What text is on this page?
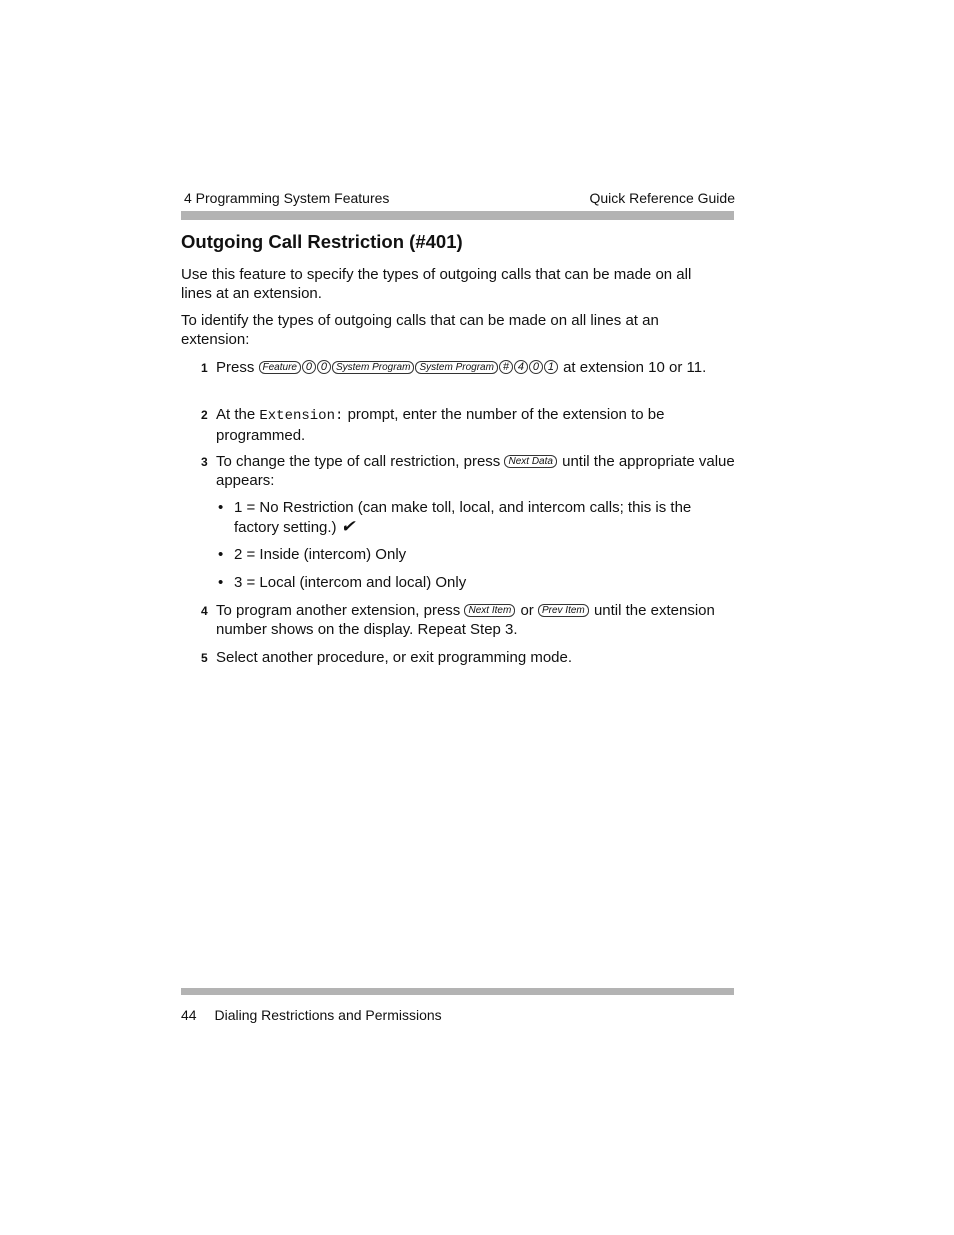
4 Programming System Features	Quick Reference Guide
Outgoing Call Restriction (#401)

Use this feature to specify the types of outgoing calls that can be made on all lines at an extension.

To identify the types of outgoing calls that can be made on all lines at an extension:

1 Press Feature 0 0 System Program System Program # 4 0 1 at extension 10 or 11.
2 At the Extension: prompt, enter the number of the extension to be programmed.
3 To change the type of call restriction, press Next Data until the appropriate value appears:
• 1 = No Restriction (can make toll, local, and intercom calls; this is the factory setting.) ✔
• 2 = Inside (intercom) Only
• 3 = Local (intercom and local) Only
4 To program another extension, press Next Item or Prev Item until the extension number shows on the display. Repeat Step 3.
5 Select another procedure, or exit programming mode.
44 Dialing Restrictions and Permissions
